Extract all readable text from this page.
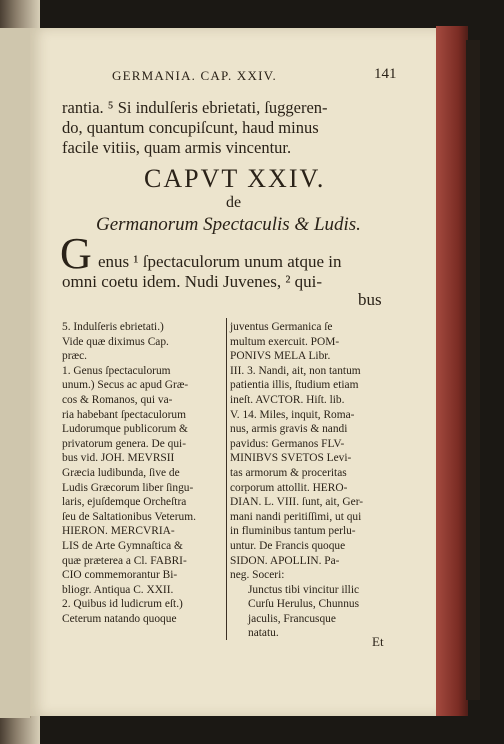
GERMANIA. CAP. XXIV.	141
rantia. ⁵ Si indulſeris ebrietati, ſuggeren-
do, quantum concupiſcunt, haud minus
facile vitiis, quam armis vincentur.
CAPVT XXIV.
de
Germanorum Spectaculis & Ludis.
G enus ¹ ſpectaculorum unum atque in
omni coetu idem. Nudi Juvenes, ² qui-
bus
5. Indulſeris ebrietati.)
Vide quæ diximus Cap.
præc.
1. Genus ſpectaculorum
unum.) Secus ac apud Græ-
cos & Romanos, qui va-
ria habebant ſpectaculorum
Ludorumque publicorum &
privatorum genera. De qui-
bus vid. JOH. MEVRSII
Græcia ludibunda, ſive de
Ludis Græcorum liber ſingu-
laris, ejuſdemque Orcheſtra
ſeu de Saltationibus Veterum.
HIERON. MERCVRIA-
LIS de Arte Gymnaſtica &
quæ præterea a Cl. FABRI-
CIO commemorantur Bi-
bliogr. Antiqua C. XXII.
2. Quibus id ludicrum eſt.)
Ceterum natando quoque
juventus Germanica ſe
multum exercuit. POM-
PONIVS MELA Libr.
III. 3. Nandi, ait, non tantum
patientia illis, ſtudium etiam
ineſt. AVCTOR. Hiſt. lib.
V. 14. Miles, inquit, Roma-
nus, armis gravis & nandi
pavidus: Germanos FLV-
MINIBVS SVETOS Levi-
tas armorum & proceritas
corporum attollit. HERO-
DIAN. L. VIII. ſunt, ait, Ger-
mani nandi peritiſſimi, ut qui
in fluminibus tantum perlu-
untur. De Francis quoque
SIDON. APOLLIN. Pa-
neg. Soceri:
Junctus tibi vincitur illic
Curſu Herulus, Chunnus
jaculis, Francusque
natatu.
Et
